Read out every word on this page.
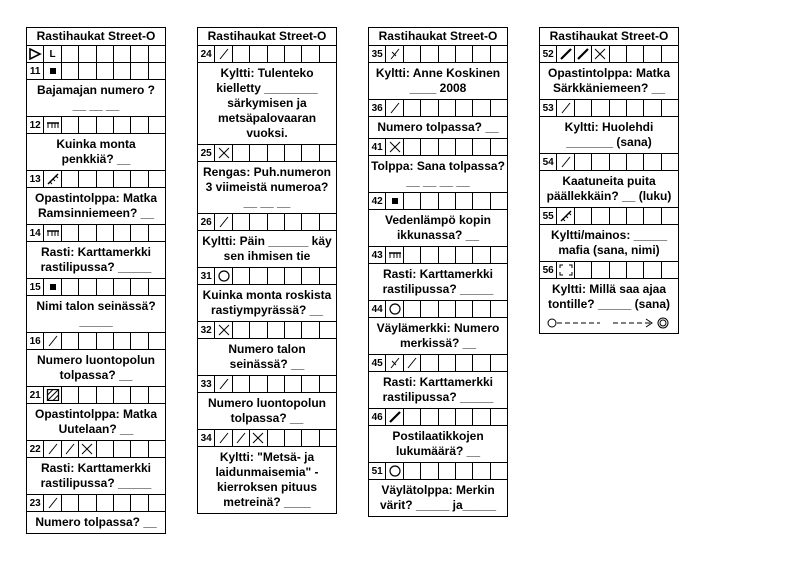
Rastihaukat Street-O
L
11
Bajamajan numero ? __ __ __
12
Kuinka monta penkkiä? __
13
Opastintolppa: Matka Ramsinniemeen? __
14
Rasti: Karttamerkki rastilipussa? _____
15
Nimi talon seinässä? _____
16
Numero luontopolun tolpassa? __
21
Opastintolppa: Matka Uutelaan? __
22
Rasti: Karttamerkki rastilipussa? _____
23
Numero tolpassa? __
Rastihaukat Street-O
24
Kyltti: Tulenteko kielletty ________ särkymisen ja metsäpalovaaran vuoksi.
25
Rengas: Puh.numeron 3 viimeistä numeroa? __ __ __
26
Kyltti: Päin ______ käy sen ihmisen tie
31
Kuinka monta roskista rastiympyrässä? __
32
Numero talon seinässä? __
33
Numero luontopolun tolpassa? __
34
Kyltti: "Metsä- ja laidunmaisemia" -kierroksen pituus metreinä? ____
Rastihaukat Street-O
35
Kyltti: Anne Koskinen ____ 2008
36
Numero tolpassa? __
41
Tolppa: Sana tolpassa? __ __ __ __
42
Vedenlämpö kopin ikkunassa? __
43
Rasti: Karttamerkki rastilipussa? _____
44
Väylämerkki: Numero merkissä? __
45
Rasti: Karttamerkki rastilipussa? _____
46
Postilaatikkojen lukumäärä? __
51
Väylätolppa: Merkin värit? _____ ja_____
Rastihaukat Street-O
52
Opastintolppa: Matka Särkkäniemeen? __
53
Kyltti: Huolehdi _______ (sana)
54
Kaatuneita puita päällekkäin? __ (luku)
55
Kyltti/mainos: _____ mafia (sana, nimi)
56
Kyltti: Millä saa ajaa tontille? _____ (sana)
